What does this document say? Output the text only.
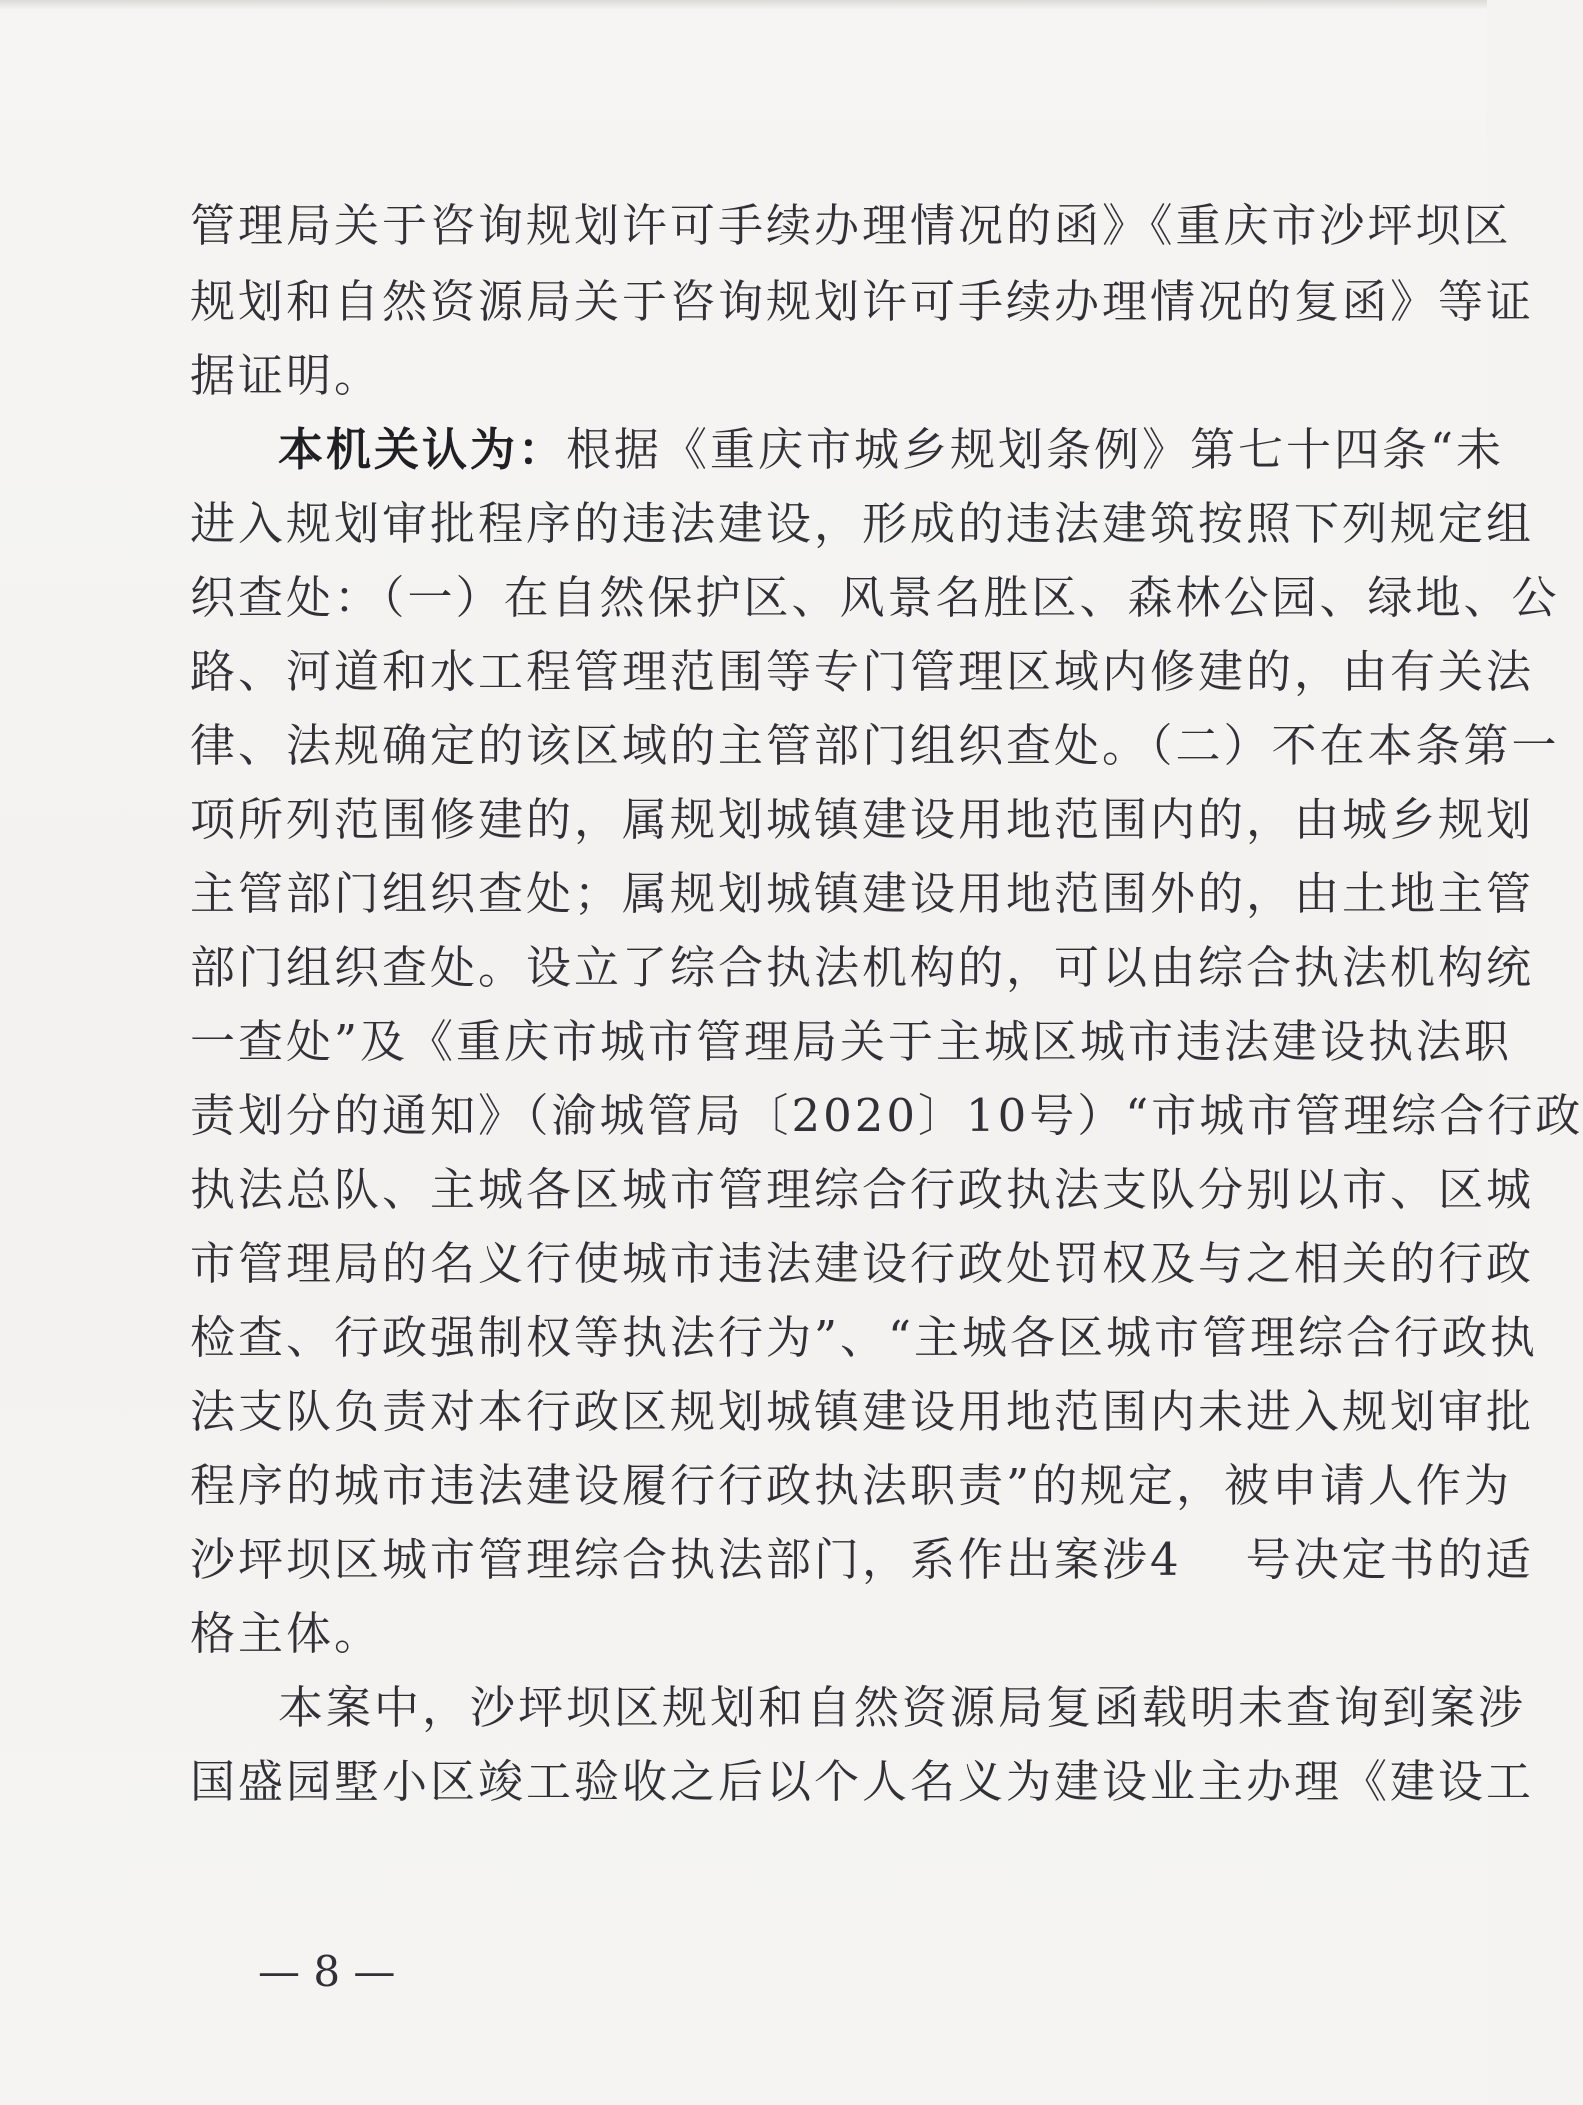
管理局关于咨询规划许可手续办理情况的函》《重庆市沙坪坝区
规划和自然资源局关于咨询规划许可手续办理情况的复函》等证
据证明。
本机关认为：根据《重庆市城乡规划条例》第七十四条“未
进入规划审批程序的违法建设，形成的违法建筑按照下列规定组
织查处：（一）在自然保护区、风景名胜区、森林公园、绿地、公
路、河道和水工程管理范围等专门管理区域内修建的，由有关法
律、法规确定的该区域的主管部门组织查处。（二）不在本条第一
项所列范围修建的，属规划城镇建设用地范围内的，由城乡规划
主管部门组织查处；属规划城镇建设用地范围外的，由土地主管
部门组织查处。设立了综合执法机构的，可以由综合执法机构统
一查处”及《重庆市城市管理局关于主城区城市违法建设执法职
责划分的通知》（渝城管局〔2020〕10号）“市城市管理综合行政
执法总队、主城各区城市管理综合行政执法支队分别以市、区城
市管理局的名义行使城市违法建设行政处罚权及与之相关的行政
检查、行政强制权等执法行为”、“主城各区城市管理综合行政执
法支队负责对本行政区规划城镇建设用地范围内未进入规划审批
程序的城市违法建设履行行政执法职责”的规定，被申请人作为
沙坪坝区城市管理综合执法部门，系作出案涉4 号决定书的适
格主体。
本案中，沙坪坝区规划和自然资源局复函载明未查询到案涉
国盛园墅小区竣工验收之后以个人名义为建设业主办理《建设工
— 8 —
